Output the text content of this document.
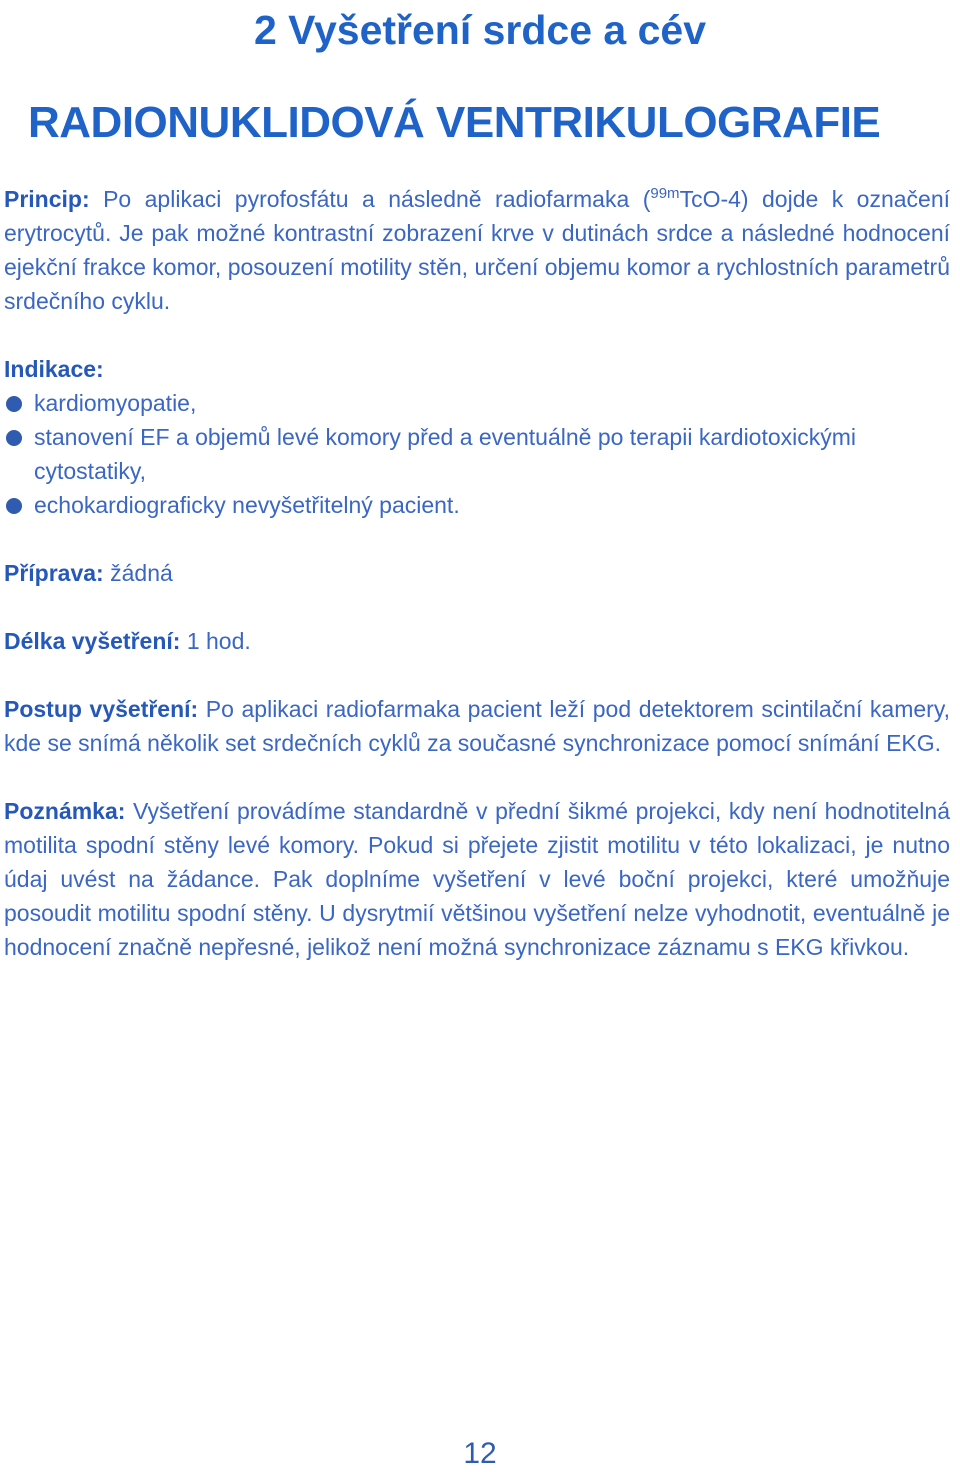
2 Vyšetření srdce a cév
RADIONUKLIDOVÁ VENTRIKULOGRAFIE

Princip: Po aplikaci pyrofosfátu a následně radiofarmaka ($^{99m}$TcO-4) dojde k označení erytrocytů. Je pak možné kontrastní zobrazení krve v dutinách srdce a následné hodnocení ejekční frakce komor, posouzení motility stěn, určení objemu komor a rychlostních parametrů srdečního cyklu.

Indikace:
kardiomyopatie,
stanovení EF a objemů levé komory před a eventuálně po terapii kardiotoxickými cytostatiky,
echokardiograficky nevyšetřitelný pacient.

Příprava: žádná

Délka vyšetření: 1 hod.

Postup vyšetření: Po aplikaci radiofarmaka pacient leží pod detektorem scintilační kamery, kde se snímá několik set srdečních cyklů za současné synchronizace pomocí snímání EKG.

Poznámka: Vyšetření provádíme standardně v přední šikmé projekci, kdy není hodnotitelná motilita spodní stěny levé komory. Pokud si přejete zjistit motilitu v této lokalizaci, je nutno údaj uvést na žádance. Pak doplníme vyšetření v levé boční projekci, které umožňuje posoudit motilitu spodní stěny. U dysrytmií většinou vyšetření nelze vyhodnotit, eventuálně je hodnocení značně nepřesné, jelikož není možná synchronizace záznamu s EKG křivkou.

12
